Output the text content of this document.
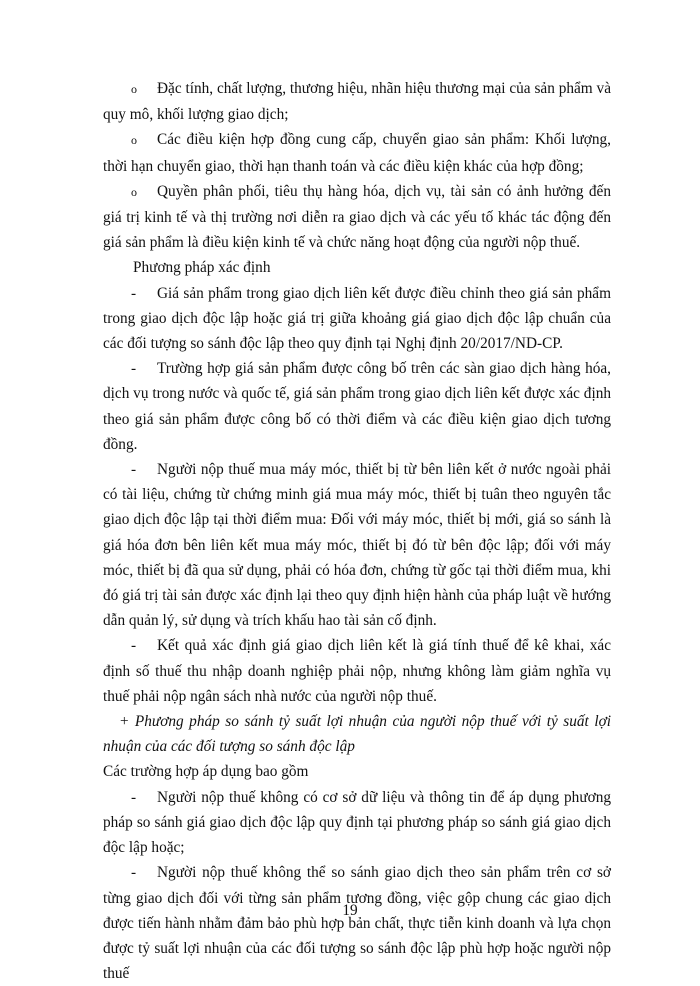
o Đặc tính, chất lượng, thương hiệu, nhãn hiệu thương mại của sản phẩm và quy mô, khối lượng giao dịch;

o Các điều kiện hợp đồng cung cấp, chuyển giao sản phẩm: Khối lượng, thời hạn chuyển giao, thời hạn thanh toán và các điều kiện khác của hợp đồng;

o Quyền phân phối, tiêu thụ hàng hóa, dịch vụ, tài sản có ảnh hưởng đến giá trị kinh tế và thị trường nơi diễn ra giao dịch và các yếu tố khác tác động đến giá sản phẩm là điều kiện kinh tế và chức năng hoạt động của người nộp thuế.

Phương pháp xác định

- Giá sản phẩm trong giao dịch liên kết được điều chỉnh theo giá sản phẩm trong giao dịch độc lập hoặc giá trị giữa khoảng giá giao dịch độc lập chuẩn của các đối tượng so sánh độc lập theo quy định tại Nghị định 20/2017/ND-CP.

- Trường hợp giá sản phẩm được công bố trên các sàn giao dịch hàng hóa, dịch vụ trong nước và quốc tế, giá sản phẩm trong giao dịch liên kết được xác định theo giá sản phẩm được công bố có thời điểm và các điều kiện giao dịch tương đồng.

- Người nộp thuế mua máy móc, thiết bị từ bên liên kết ở nước ngoài phải có tài liệu, chứng từ chứng minh giá mua máy móc, thiết bị tuân theo nguyên tắc giao dịch độc lập tại thời điểm mua: Đối với máy móc, thiết bị mới, giá so sánh là giá hóa đơn bên liên kết mua máy móc, thiết bị đó từ bên độc lập; đối với máy móc, thiết bị đã qua sử dụng, phải có hóa đơn, chứng từ gốc tại thời điểm mua, khi đó giá trị tài sản được xác định lại theo quy định hiện hành của pháp luật về hướng dẫn quản lý, sử dụng và trích khấu hao tài sản cố định.

- Kết quả xác định giá giao dịch liên kết là giá tính thuế để kê khai, xác định số thuế thu nhập doanh nghiệp phải nộp, nhưng không làm giảm nghĩa vụ thuế phải nộp ngân sách nhà nước của người nộp thuế.

+ Phương pháp so sánh tỷ suất lợi nhuận của người nộp thuế với tỷ suất lợi nhuận của các đối tượng so sánh độc lập

Các trường hợp áp dụng bao gồm

- Người nộp thuế không có cơ sở dữ liệu và thông tin để áp dụng phương pháp so sánh giá giao dịch độc lập quy định tại phương pháp so sánh giá giao dịch độc lập hoặc;

- Người nộp thuế không thể so sánh giao dịch theo sản phẩm trên cơ sở từng giao dịch đối với từng sản phẩm tương đồng, việc gộp chung các giao dịch được tiến hành nhằm đảm bảo phù hợp bản chất, thực tiễn kinh doanh và lựa chọn được tỷ suất lợi nhuận của các đối tượng so sánh độc lập phù hợp hoặc người nộp thuế

19
